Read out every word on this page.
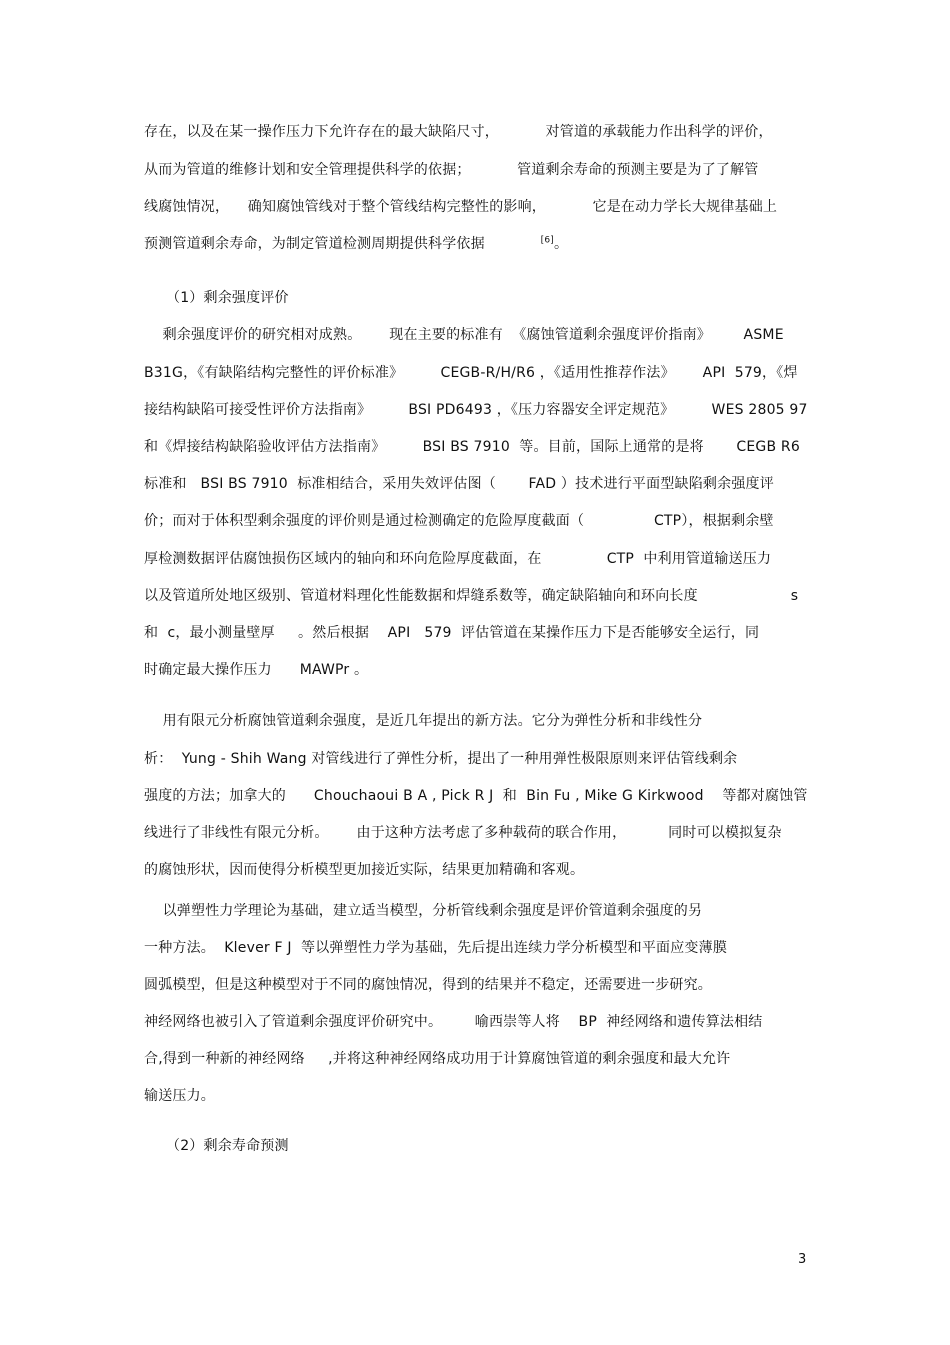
存在，以及在某一操作压力下允许存在的最大缺陷尺寸，          对管道的承载能力作出科学的评价，
从而为管道的维修计划和安全管理提供科学的依据；          管道剩余寿命的预测主要是为了了解管
线腐蚀情况，    确知腐蚀管线对于整个管线结构完整性的影响，          它是在动力学长大规律基础上
预测管道剩余寿命，为制定管道检测周期提供科学依据            [6]。
（1）剩余强度评价
剩余强度评价的研究相对成熟。      现在主要的标准有  《腐蚀管道剩余强度评价指南》       ASME
B31G，《有缺陷结构完整性的评价标准》        CEGB-R/H/R6 ，《适用性推荐作法》      API  579，《焊
接结构缺陷可接受性评价方法指南》        BSI PD6493 ，《压力容器安全评定规范》        WES 2805 97
和《焊接结构缺陷验收评估方法指南》        BSI BS 7910  等。目前，国际上通常的是将       CEGB R6
标准和   BSI BS 7910  标准相结合，采用失效评估图（       FAD ）技术进行平面型缺陷剩余强度评
价；而对于体积型剩余强度的评价则是通过检测确定的危险厚度截面（               CTP），根据剩余壁
厚检测数据评估腐蚀损伤区域内的轴向和环向危险厚度截面，在              CTP  中利用管道输送压力
以及管道所处地区级别、管道材料理化性能数据和焊缝系数等，确定缺陷轴向和环向长度                    s
和  c，最小测量壁厚     。然后根据    API   579  评估管道在某操作压力下是否能够安全运行，同
时确定最大操作压力      MAWPr 。
用有限元分析腐蚀管道剩余强度，是近几年提出的新方法。它分为弹性分析和非线性分
析：  Yung - Shih Wang 对管线进行了弹性分析，提出了一种用弹性极限原则来评估管线剩余
强度的方法；加拿大的      Chouchaoui B A , Pick R J  和  Bin Fu , Mike G Kirkwood    等都对腐蚀管
线进行了非线性有限元分析。      由于这种方法考虑了多种载荷的联合作用，         同时可以模拟复杂
的腐蚀形状，因而使得分析模型更加接近实际，结果更加精确和客观。
以弹塑性力学理论为基础，建立适当模型，分析管线剩余强度是评价管道剩余强度的另
一种方法。  Klever F J  等以弹塑性力学为基础，先后提出连续力学分析模型和平面应变薄膜
圆弧模型，但是这种模型对于不同的腐蚀情况，得到的结果并不稳定，还需要进一步研究。
神经网络也被引入了管道剩余强度评价研究中。       喻西崇等人将    BP  神经网络和遗传算法相结
合,得到一种新的神经网络     ,并将这种神经网络成功用于计算腐蚀管道的剩余强度和最大允许
输送压力。
（2）剩余寿命预测
3
